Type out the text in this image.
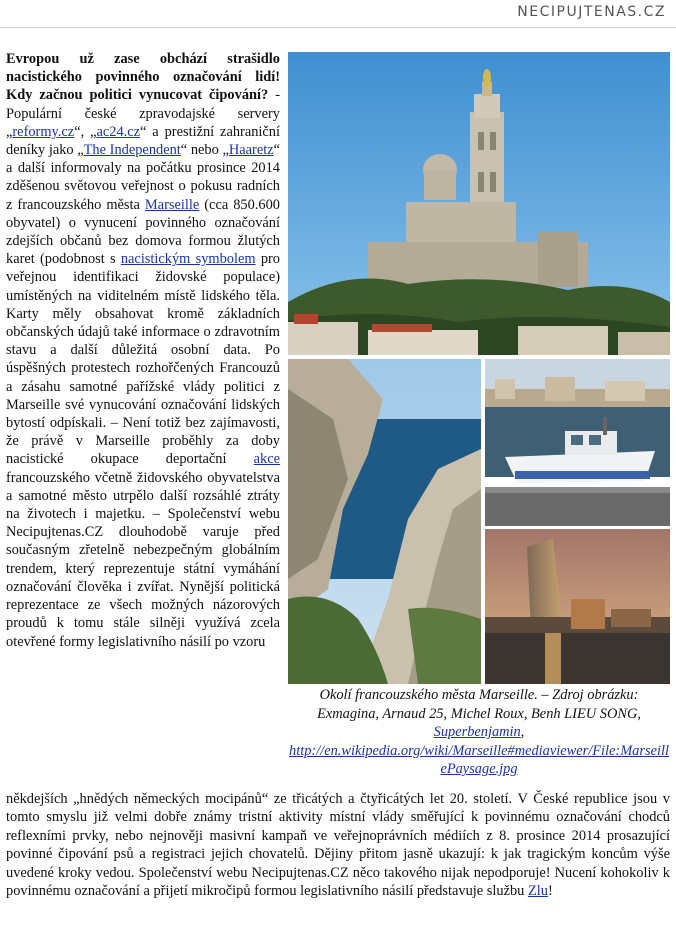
NECIPUJTENAS.CZ
Evropou už zase obchází strašidlo nacistického povinného označování lidí! Kdy začnou politici vynucovat čipování? - Populární české zpravodajské servery „reformy.cz“, „ac24.cz“ a prestižní zahraniční deníky jako „The Independent“ nebo „Haaretz“ a další informovaly na počátku prosince 2014 zděšenou světovou veřejnost o pokusu radních z francouzského města Marseille (cca 850.600 obyvatel) o vynucení povinného označování zdejších občanů bez domova formou žlutých karet (podobnost s nacistickým symbolem pro veřejnou identifikaci židovské populace) umístěných na viditelném místě lidského těla. Karty měly obsahovat kromě základních občanských údajů také informace o zdravotním stavu a další důležitá osobní data. Po úspěšných protestech rozhořčených Francouzů a zásahu samotné pařížské vlády politici z Marseille své vynucování označování lidských bytostí odpískali. – Není totiž bez zajímavosti, že právě v Marseille proběhly za doby nacistické okupace deportační akce francouzského včetně židovského obyvatelstva a samotné město utrpělo další rozsáhlé ztráty na životech i majetku. – Společenství webu Necipujtenas.CZ dlouhodobě varuje před současným zřetelně nebezpečným globálním trendem, který reprezentuje státní vymáhání označování člověka i zvířat. Nynější politická reprezentace ze všech možných názorových proudů k tomu stále silněji využívá zcela otevřené formy legislativního násilí po vzoru
Okolí francouzského města Marseille. – Zdroj obrázku: Exmagina, Arnaud 25, Michel Roux, Benh LIEU SONG, Superbenjamin,
http://en.wikipedia.org/wiki/Marseille#mediaviewer/File:MarseillePaysage.jpg
někdejších „hnědých německých mocipánů“ ze třicátých a čtyřicátých let 20. století. V České republice jsou v tomto smyslu již velmi dobře známy tristní aktivity místní vlády směřující k povinnému označování chodců reflexními prvky, nebo nejnověji masivní kampaň ve veřejnoprávních médiích z 8. prosince 2014 prosazující povinné čipování psů a registraci jejich chovatelů. Dějiny přitom jasně ukazují: k jak tragickým koncům výše uvedené kroky vedou. Společenství webu Necipujtenas.CZ něco takového nijak nepodporuje! Nucení kohokoliv k povinnému označování a přijetí mikročipů formou legislativního násilí představuje službu Zlu!
